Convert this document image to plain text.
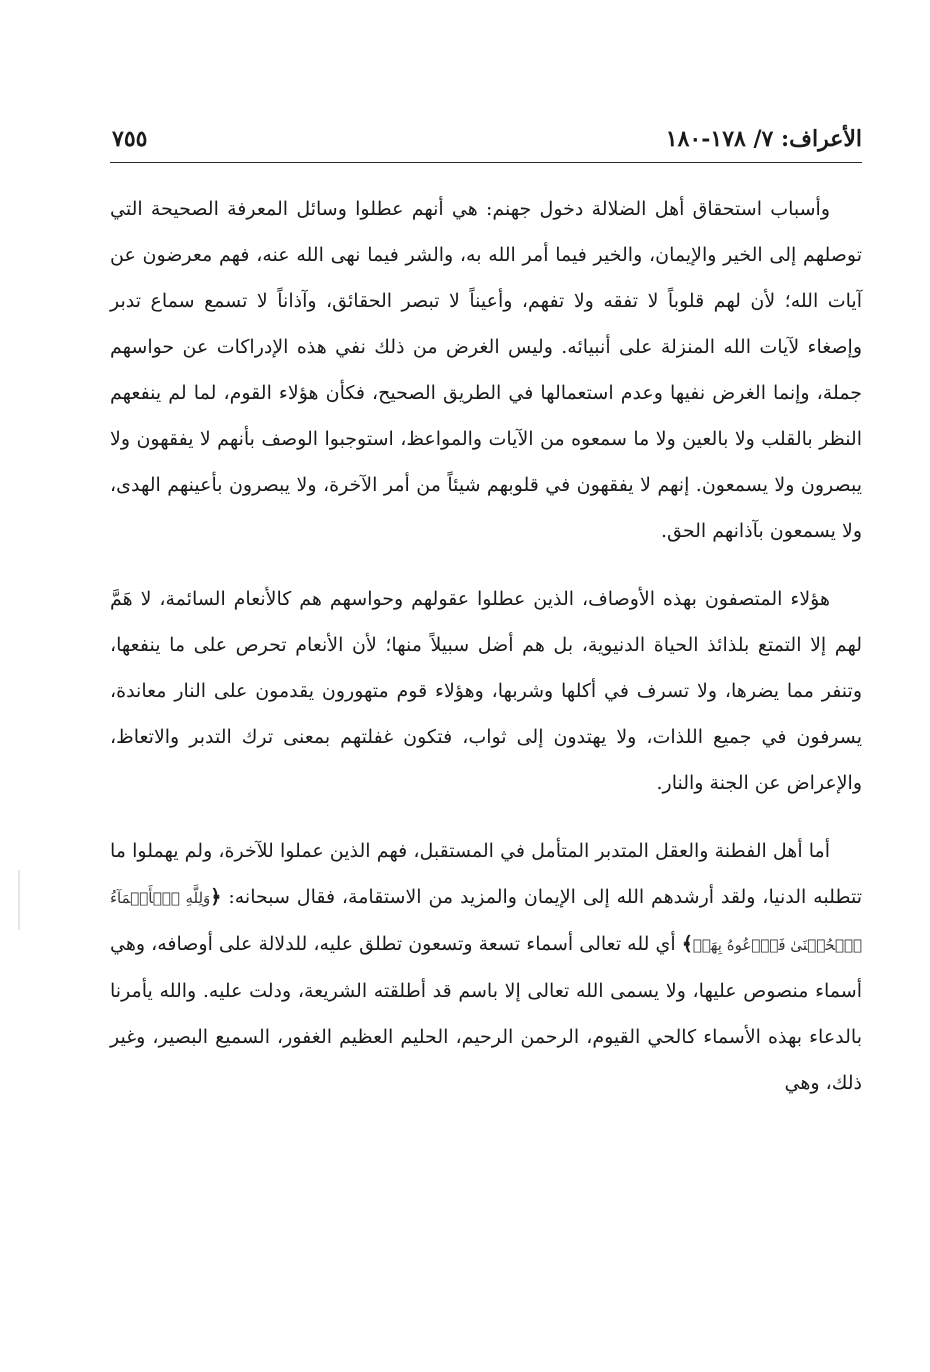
الأعراف: ٧/ ١٧٨-١٨٠
٧٥٥

وأسباب استحقاق أهل الضلالة دخول جهنم: هي أنهم عطلوا وسائل المعرفة الصحيحة التي توصلهم إلى الخير والإيمان، والخير فيما أمر الله به، والشر فيما نهى الله عنه، فهم معرضون عن آيات الله؛ لأن لهم قلوباً لا تفقه ولا تفهم، وأعيناً لا تبصر الحقائق، وآذاناً لا تسمع سماع تدبر وإصغاء لآيات الله المنزلة على أنبيائه. وليس الغرض من ذلك نفي هذه الإدراكات عن حواسهم جملة، وإنما الغرض نفيها وعدم استعمالها في الطريق الصحيح، فكأن هؤلاء القوم، لما لم ينفعهم النظر بالقلب ولا بالعين ولا ما سمعوه من الآيات والمواعظ، استوجبوا الوصف بأنهم لا يفقهون ولا يبصرون ولا يسمعون. إنهم لا يفقهون في قلوبهم شيئاً من أمر الآخرة، ولا يبصرون بأعينهم الهدى، ولا يسمعون بآذانهم الحق.

هؤلاء المتصفون بهذه الأوصاف، الذين عطلوا عقولهم وحواسهم هم كالأنعام السائمة، لا هَمَّ لهم إلا التمتع بلذائذ الحياة الدنيوية، بل هم أضل سبيلاً منها؛ لأن الأنعام تحرص على ما ينفعها، وتنفر مما يضرها، ولا تسرف في أكلها وشربها، وهؤلاء قوم متهورون يقدمون على النار معاندة، يسرفون في جميع اللذات، ولا يهتدون إلى ثواب، فتكون غفلتهم بمعنى ترك التدبر والاتعاظ، والإعراض عن الجنة والنار.

أما أهل الفطنة والعقل المتدبر المتأمل في المستقبل، فهم الذين عملوا للآخرة، ولم يهملوا ما تتطلبه الدنيا، ولقد أرشدهم الله إلى الإيمان والمزيد من الاستقامة، فقال سبحانه: ﴿وَلِلَّهِ ٱلۡأَسۡمَآءُ ٱلۡحُسۡنَىٰ فَٱدۡعُوهُ بِهَاۖ﴾ أي لله تعالى أسماء تسعة وتسعون تطلق عليه، للدلالة على أوصافه، وهي أسماء منصوص عليها، ولا يسمى الله تعالى إلا باسم قد أطلقته الشريعة، ودلت عليه. والله يأمرنا بالدعاء بهذه الأسماء كالحي القيوم، الرحمن الرحيم، الحليم العظيم الغفور، السميع البصير، وغير ذلك، وهي
